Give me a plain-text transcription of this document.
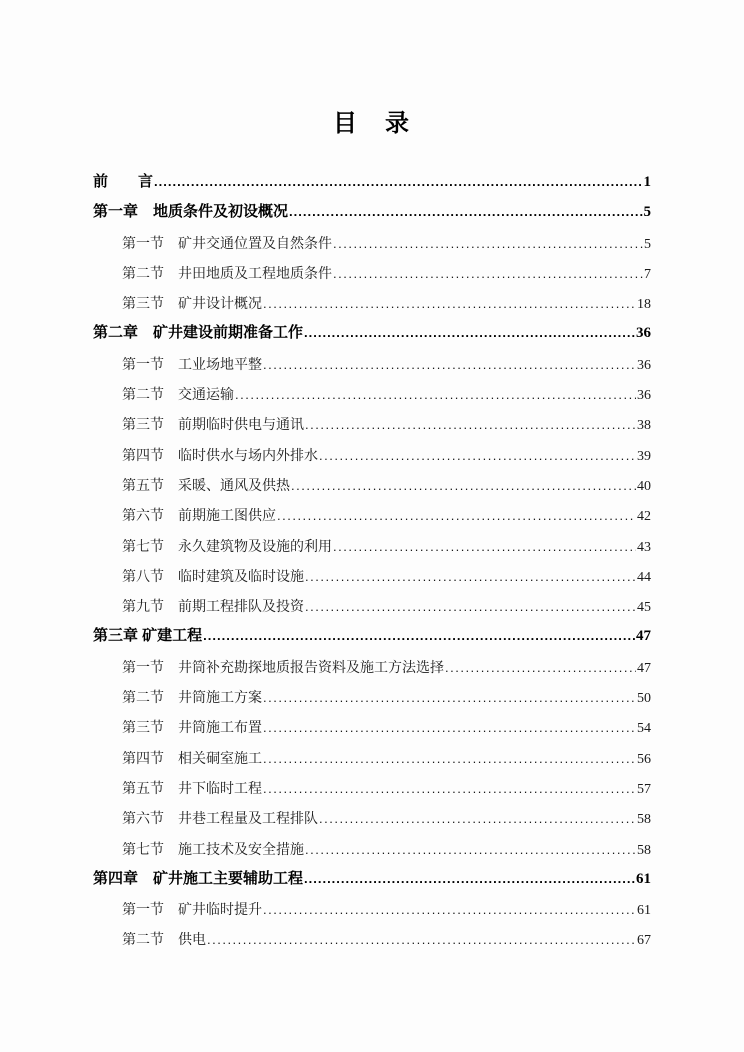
目　录
前　　言 .....	1
第一章　地质条件及初设概况 .....	5
第一节　矿井交通位置及自然条件 .....	5
第二节　井田地质及工程地质条件 .....	7
第三节　矿井设计概况 .....	18
第二章　矿井建设前期准备工作 .....	36
第一节　工业场地平整 .....	36
第二节　交通运输 .....	36
第三节　前期临时供电与通讯 .....	38
第四节　临时供水与场内外排水 .....	39
第五节　采暖、通风及供热 .....	40
第六节　前期施工图供应 .....	42
第七节　永久建筑物及设施的利用 .....	43
第八节　临时建筑及临时设施 .....	44
第九节　前期工程排队及投资 .....	45
第三章 矿建工程 .....	47
第一节　井筒补充勘探地质报告资料及施工方法选择 .....	47
第二节　井筒施工方案 .....	50
第三节　井筒施工布置 .....	54
第四节　相关硐室施工 .....	56
第五节　井下临时工程 .....	57
第六节　井巷工程量及工程排队 .....	58
第七节　施工技术及安全措施 .....	58
第四章　矿井施工主要辅助工程 .....	61
第一节　矿井临时提升 .....	61
第二节　供电 .....	67
